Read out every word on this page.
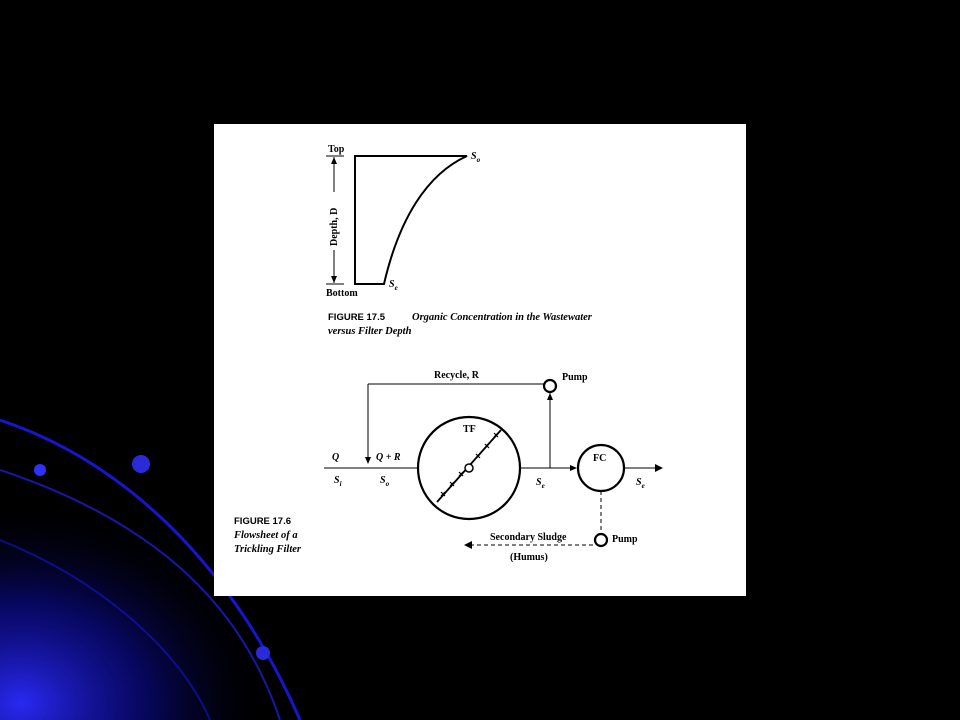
Depth, D
Top
Bottom
$S_o$
$S_e$
FIGURE 17.5	Organic Concentration in the Wastewater
versus Filter Depth
Recycle, R	Pump
Q	Q + R
$S_i$	$S_o$	$S_e$	$S_e$
TF
FC
Pump
Secondary Sludge
(Humus)
FIGURE 17.6
Flowsheet of a
Trickling Filter
